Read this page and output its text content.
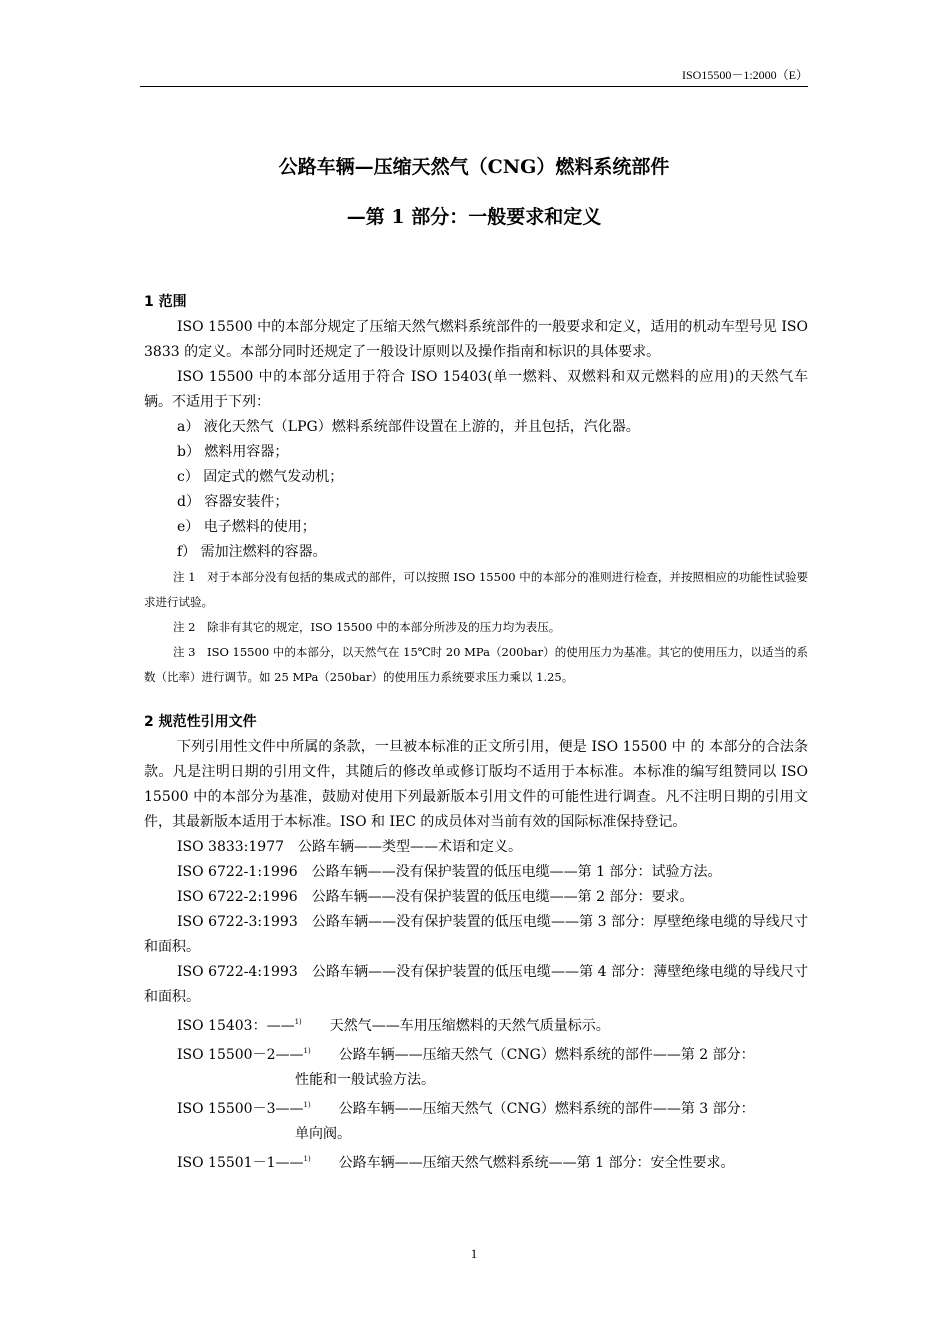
ISO15500－1:2000（E）
公路车辆—压缩天然气（CNG）燃料系统部件
—第 1 部分：一般要求和定义
1 范围

ISO 15500 中的本部分规定了压缩天然气燃料系统部件的一般要求和定义，适用的机动车型号见 ISO 3833 的定义。本部分同时还规定了一般设计原则以及操作指南和标识的具体要求。

ISO 15500 中的本部分适用于符合 ISO 15403(单一燃料、双燃料和双元燃料的应用)的天然气车辆。不适用于下列：

a） 液化天然气（LPG）燃料系统部件设置在上游的，并且包括，汽化器。

b） 燃料用容器；

c） 固定式的燃气发动机；

d） 容器安装件；

e） 电子燃料的使用；

f） 需加注燃料的容器。

注 1　对于本部分没有包括的集成式的部件，可以按照 ISO 15500 中的本部分的准则进行检查，并按照相应的功能性试验要求进行试验。

注 2　除非有其它的规定，ISO 15500 中的本部分所涉及的压力均为表压。

注 3　ISO 15500 中的本部分，以天然气在 15℃时 20 MPa（200bar）的使用压力为基准。其它的使用压力，以适当的系数（比率）进行调节。如 25 MPa（250bar）的使用压力系统要求压力乘以 1.25。

2 规范性引用文件

下列引用性文件中所属的条款，一旦被本标准的正文所引用，便是 ISO 15500 中 的 本部分的合法条款。凡是注明日期的引用文件，其随后的修改单或修订版均不适用于本标准。本标准的编写组赞同以 ISO 15500 中的本部分为基准，鼓励对使用下列最新版本引用文件的可能性进行调查。凡不注明日期的引用文件，其最新版本适用于本标准。ISO 和 IEC 的成员体对当前有效的国际标准保持登记。

ISO 3833:1977　公路车辆——类型——术语和定义。

ISO 6722-1:1996　公路车辆——没有保护装置的低压电缆——第 1 部分：试验方法。

ISO 6722-2:1996　公路车辆——没有保护装置的低压电缆——第 2 部分：要求。

ISO 6722-3:1993　公路车辆——没有保护装置的低压电缆——第 3 部分：厚壁绝缘电缆的导线尺寸和面积。

ISO 6722-4:1993　公路车辆——没有保护装置的低压电缆——第 4 部分：薄壁绝缘电缆的导线尺寸和面积。

ISO 15403：——$^{1)}$　　天然气——车用压缩燃料的天然气质量标示。

ISO 15500－2——$^{1)}$　　公路车辆——压缩天然气（CNG）燃料系统的部件——第 2 部分：
性能和一般试验方法。

ISO 15500－3——$^{1)}$　　公路车辆——压缩天然气（CNG）燃料系统的部件——第 3 部分：
单向阀。

ISO 15501－1——$^{1)}$　　公路车辆——压缩天然气燃料系统——第 1 部分：安全性要求。

1
